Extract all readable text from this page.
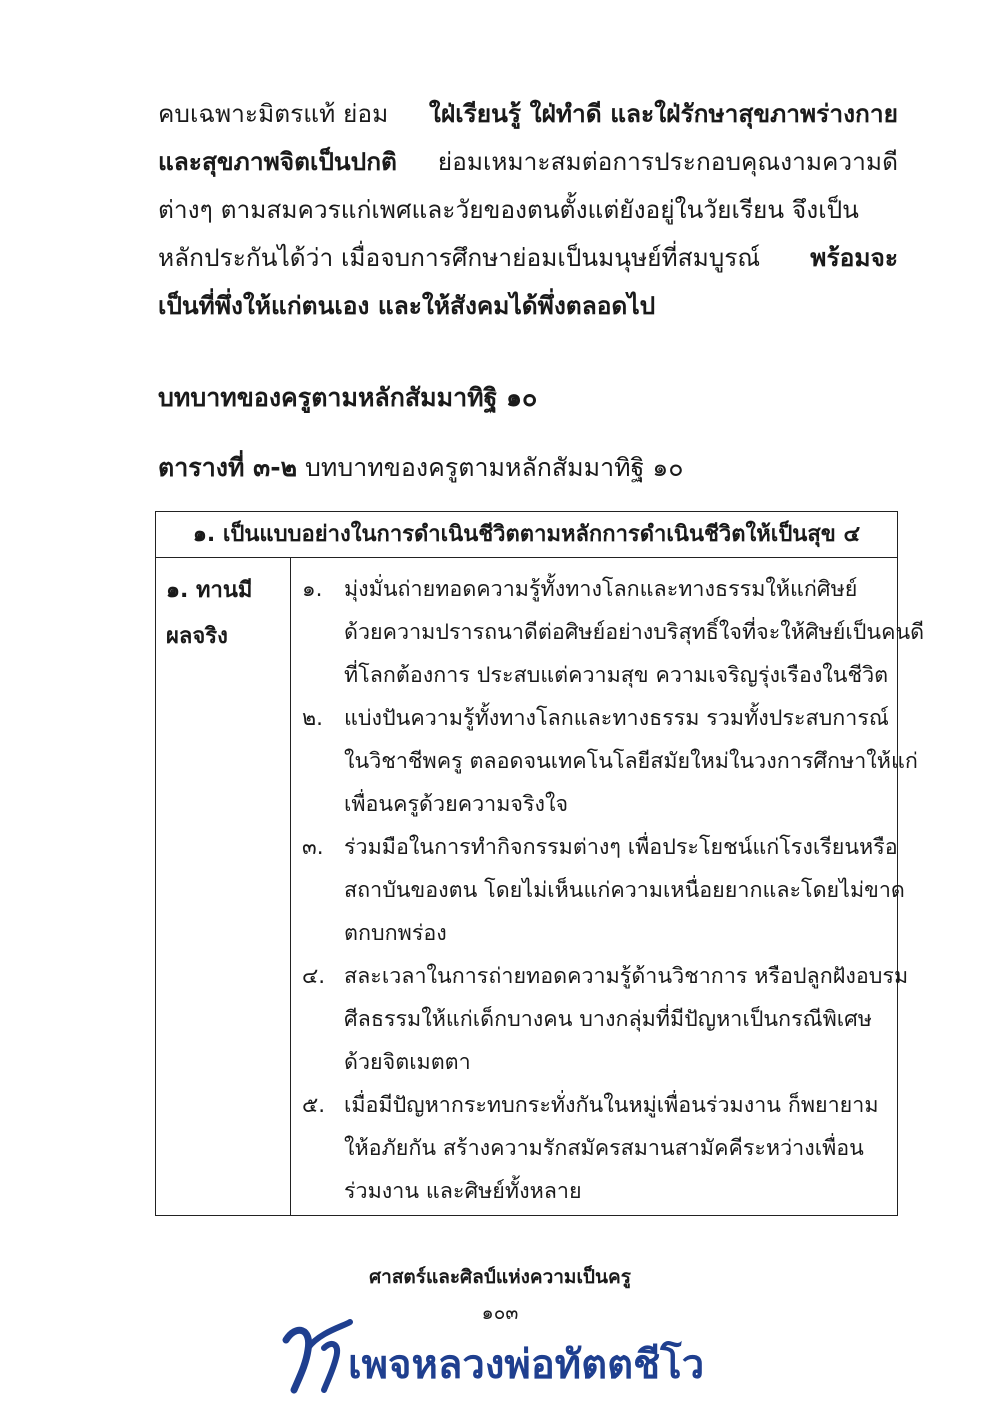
คบเฉพาะมิตรแท้ ย่อม ใฝ่เรียนรู้ ใฝ่ทำดี และใฝ่รักษาสุขภาพร่างกาย
และสุขภาพจิตเป็นปกติ ย่อมเหมาะสมต่อการประกอบคุณงามความดี
ต่างๆ ตามสมควรแก่เพศและวัยของตนตั้งแต่ยังอยู่ในวัยเรียน จึงเป็น
หลักประกันได้ว่า เมื่อจบการศึกษาย่อมเป็นมนุษย์ที่สมบูรณ์ พร้อมจะ
เป็นที่พึ่งให้แก่ตนเอง และให้สังคมได้พึ่งตลอดไป
บทบาทของครูตามหลักสัมมาทิฐิ ๑๐
ตารางที่ ๓-๒ บทบาทของครูตามหลักสัมมาทิฐิ ๑๐
๑. เป็นแบบอย่างในการดำเนินชีวิตตามหลักการดำเนินชีวิตให้เป็นสุข ๔
๑. ทานมี
ผลจริง
๑. มุ่งมั่นถ่ายทอดความรู้ทั้งทางโลกและทางธรรมให้แก่ศิษย์
ด้วยความปรารถนาดีต่อศิษย์อย่างบริสุทธิ์ใจที่จะให้ศิษย์เป็นคนดี
ที่โลกต้องการ ประสบแต่ความสุข ความเจริญรุ่งเรืองในชีวิต
๒. แบ่งปันความรู้ทั้งทางโลกและทางธรรม รวมทั้งประสบการณ์
ในวิชาชีพครู ตลอดจนเทคโนโลยีสมัยใหม่ในวงการศึกษาให้แก่
เพื่อนครูด้วยความจริงใจ
๓. ร่วมมือในการทำกิจกรรมต่างๆ เพื่อประโยชน์แก่โรงเรียนหรือ
สถาบันของตน โดยไม่เห็นแก่ความเหนื่อยยากและโดยไม่ขาด
ตกบกพร่อง
๔. สละเวลาในการถ่ายทอดความรู้ด้านวิชาการ หรือปลูกฝังอบรม
ศีลธรรมให้แก่เด็กบางคน บางกลุ่มที่มีปัญหาเป็นกรณีพิเศษ
ด้วยจิตเมตตา
๕. เมื่อมีปัญหากระทบกระทั่งกันในหมู่เพื่อนร่วมงาน ก็พยายาม
ให้อภัยกัน สร้างความรักสมัครสมานสามัคคีระหว่างเพื่อน
ร่วมงาน และศิษย์ทั้งหลาย
ศาสตร์และศิลป์แห่งความเป็นครู
๑๐๓
เพจหลวงพ่อทัตตชีโว
